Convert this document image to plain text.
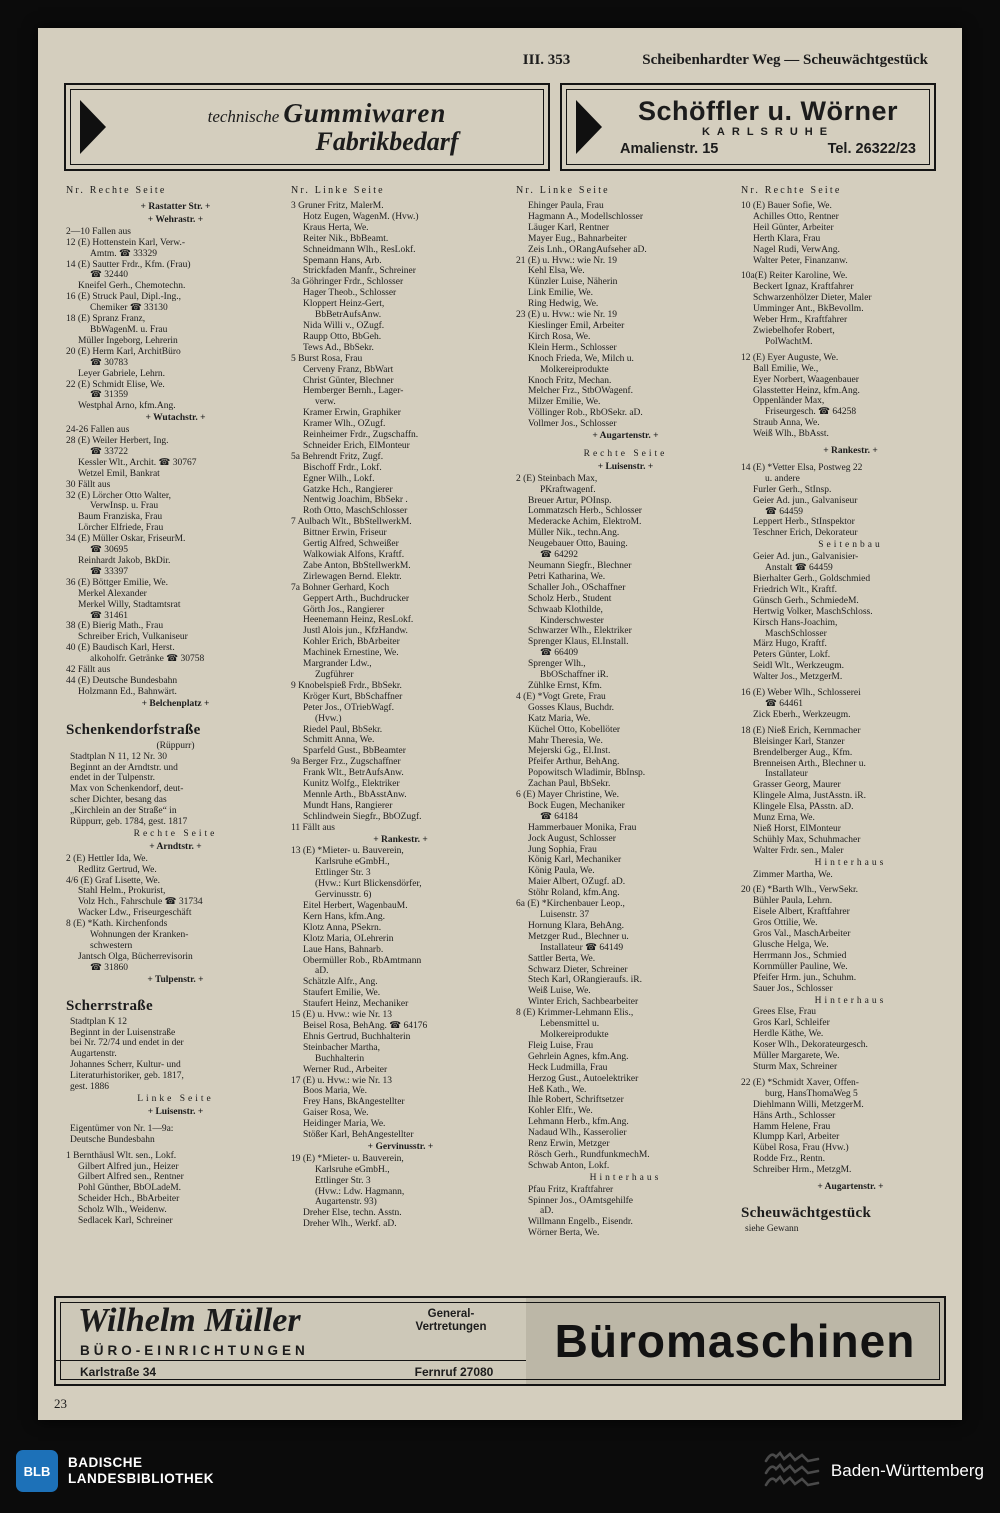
III. 353	Scheibenhardter Weg — Scheuwächtgestück
technische Gummiwaren
Fabrikbedarf
Schöffler u. Wörner
KARLSRUHE
Amalienstr. 15	Tel. 26322/23
Nr. Rechte Seite
+ Rastatter Str. +
+ Wehrastr. +
2—10 Fallen aus
12 (E) Hottenstein Karl, Verw.-
Amtm. ☎ 33329
14 (E) Sautter Frdr., Kfm. (Frau)
☎ 32440
Kneifel Gerh., Chemotechn.
16 (E) Struck Paul, Dipl.-Ing.,
Chemiker ☎ 33130
18 (E) Spranz Franz,
BbWagenM. u. Frau
Müller Ingeborg, Lehrerin
20 (E) Herm Karl, ArchitBüro
☎ 30783
Leyer Gabriele, Lehrn.
22 (E) Schmidt Elise, We.
☎ 31359
Westphal Arno, kfm.Ang.
+ Wutachstr. +
24-26 Fallen aus
28 (E) Weiler Herbert, Ing.
☎ 33722
Kessler Wlt., Archit. ☎ 30767
Wetzel Emil, Bankrat
30 Fällt aus
32 (E) Lörcher Otto Walter,
VerwInsp. u. Frau
Baum Franziska, Frau
Lörcher Elfriede, Frau
34 (E) Müller Oskar, FriseurM.
☎ 30695
Reinhardt Jakob, BkDir.
☎ 33397
36 (E) Böttger Emilie, We.
Merkel Alexander
Merkel Willy, Stadtamtsrat
☎ 31461
38 (E) Bierig Math., Frau
Schreiber Erich, Vulkaniseur
40 (E) Baudisch Karl, Herst.
alkoholfr. Getränke ☎ 30758
42 Fällt aus
44 (E) Deutsche Bundesbahn
Holzmann Ed., Bahnwärt.
+ Belchenplatz +
Schenkendorfstraße
(Rüppurr)
Stadtplan N 11, 12 Nr. 30
Beginnt an der Arndtstr. und
endet in der Tulpenstr.
Max von Schenkendorf, deut-
scher Dichter, besang das
„Kirchlein an der Straße“ in
Rüppurr, geb. 1784, gest. 1817
Rechte Seite
+ Arndtstr. +
2 (E) Hettler Ida, We.
Redlitz Gertrud, We.
4/6 (E) Graf Lisette, We.
Stahl Helm., Prokurist,
Volz Hch., Fahrschule ☎ 31734
Wacker Ldw., Friseurgeschäft
8 (E) *Kath. Kirchenfonds
Wohnungen der Kranken-
schwestern
Jantsch Olga, Bücherrevisorin
☎ 31860
+ Tulpenstr. +
Scherrstraße
Stadtplan K 12
Beginnt in der Luisenstraße
bei Nr. 72/74 und endet in der
Augartenstr.
Johannes Scherr, Kultur- und
Literaturhistoriker, geb. 1817,
gest. 1886
Linke Seite
+ Luisenstr. +
Eigentümer von Nr. 1—9a:
Deutsche Bundesbahn
1 Bernthäusl Wlt. sen., Lokf.
Gilbert Alfred jun., Heizer
Gilbert Alfred sen., Rentner
Pohl Günther, BbOLadeM.
Scheider Hch., BbArbeiter
Scholz Wlh., Weidenw.
Sedlacek Karl, Schreiner
Nr. Linke Seite
3 Gruner Fritz, MalerM.
Hotz Eugen, WagenM. (Hvw.)
Kraus Herta, We.
Reiter Nik., BbBeamt.
Schneidmann Wlh., ResLokf.
Spemann Hans, Arb.
Strickfaden Manfr., Schreiner
3a Göhringer Frdr., Schlosser
Hager Theob., Schlosser
Kloppert Heinz-Gert,
BbBetrAufsAnw.
Nida Willi v., OZugf.
Raupp Otto, BbGeh.
Tews Ad., BbSekr.
5 Burst Rosa, Frau
Cerveny Franz, BbWart
Christ Günter, Blechner
Hemberger Bernh., Lager-
verw.
Kramer Erwin, Graphiker
Kramer Wlh., OZugf.
Reinheimer Frdr., Zugschaffn.
Schneider Erich, ElMonteur
5a Behrendt Fritz, Zugf.
Bischoff Frdr., Lokf.
Egner Wilh., Lokf.
Gatzke Hch., Rangierer
Nentwig Joachim, BbSekr .
Roth Otto, MaschSchlosser
7 Aulbach Wlt., BbStellwerkM.
Bittner Erwin, Friseur
Gertig Alfred, Schweißer
Walkowiak Alfons, Kraftf.
Zabe Anton, BbStellwerkM.
Zirlewagen Bernd. Elektr.
7a Bohner Gerhard, Koch
Geppert Arth., Buchdrucker
Görth Jos., Rangierer
Heenemann Heinz, ResLokf.
Justl Alois jun., KfzHandw.
Kohler Erich, BbArbeiter
Machinek Ernestine, We.
Margrander Ldw.,
Zugführer
9 Knobelspieß Frdr., BbSekr.
Kröger Kurt, BbSchaffner
Peter Jos., OTriebWagf.
(Hvw.)
Riedel Paul, BbSekr.
Schmitt Anna, We.
Sparfeld Gust., BbBeamter
9a Berger Frz., Zugschaffner
Frank Wlt., BetrAufsAnw.
Kunitz Wolfg., Elektriker
Mennle Arth., BbAsstAnw.
Mundt Hans, Rangierer
Schlindwein Siegfr., BbOZugf.
11 Fällt aus
+ Rankestr. +
13 (E) *Mieter- u. Bauverein,
Karlsruhe eGmbH.,
Ettlinger Str. 3
(Hvw.: Kurt Blickensdörfer,
Gervinusstr. 6)
Eitel Herbert, WagenbauM.
Kern Hans, kfm.Ang.
Klotz Anna, PSekrn.
Klotz Maria, OLehrerin
Laue Hans, Bahnarb.
Obermüller Rob., RbAmtmann
aD.
Schätzle Alfr., Ang.
Staufert Emilie, We.
Staufert Heinz, Mechaniker
15 (E) u. Hvw.: wie Nr. 13
Beisel Rosa, BehAng. ☎ 64176
Ehnis Gertrud, Buchhalterin
Steinbacher Martha,
Buchhalterin
Werner Rud., Arbeiter
17 (E) u. Hvw.: wie Nr. 13
Boos Maria, We.
Frey Hans, BkAngestellter
Gaiser Rosa, We.
Heidinger Maria, We.
Stößer Karl, BehAngestellter
+ Gervinusstr. +
19 (E) *Mieter- u. Bauverein,
Karlsruhe eGmbH.,
Ettlinger Str. 3
(Hvw.: Ldw. Hagmann,
Augartenstr. 93)
Dreher Else, techn. Asstn.
Dreher Wlh., Werkf. aD.
Nr. Linke Seite
Ehinger Paula, Frau
Hagmann A., Modellschlosser
Läuger Karl, Rentner
Mayer Eug., Bahnarbeiter
Zeis Lnh., ORangAufseher aD.
21 (E) u. Hvw.: wie Nr. 19
Kehl Elsa, We.
Künzler Luise, Näherin
Link Emilie, We.
Ring Hedwig, We.
23 (E) u. Hvw.: wie Nr. 19
Kieslinger Emil, Arbeiter
Kirch Rosa, We.
Klein Herm., Schlosser
Knoch Frieda, We, Milch u.
Molkereiprodukte
Knoch Fritz, Mechan.
Melcher Frz., StbOWagenf.
Milzer Emilie, We.
Völlinger Rob., RbOSekr. aD.
Vollmer Jos., Schlosser
+ Augartenstr. +
Rechte Seite
+ Luisenstr. +
2 (E) Steinbach Max,
PKraftwagenf.
Breuer Artur, POInsp.
Lommatzsch Herb., Schlosser
Mederacke Achim, ElektroM.
Müller Nik., techn.Ang.
Neugebauer Otto, Bauing.
☎ 64292
Neumann Siegfr., Blechner
Petri Katharina, We.
Schaller Joh., OSchaffner
Scholz Herb., Student
Schwaab Klothilde,
Kinderschwester
Schwarzer Wlh., Elektriker
Sprenger Klaus, El.Install.
☎ 66409
Sprenger Wlh.,
BbOSchaffner iR.
Zühlke Ernst, Kfm.
4 (E) *Vogt Grete, Frau
Gosses Klaus, Buchdr.
Katz Maria, We.
Küchel Otto, Kobellöter
Mahr Theresia, We.
Mejerski Gg., El.Inst.
Pfeifer Arthur, BehAng.
Popowitsch Wladimir, BbInsp.
Zachan Paul, BbSekr.
6 (E) Mayer Christine, We.
Bock Eugen, Mechaniker
☎ 64184
Hammerbauer Monika, Frau
Jock August, Schlosser
Jung Sophia, Frau
König Karl, Mechaniker
König Paula, We.
Maier Albert, OZugf. aD.
Stöhr Roland, kfm.Ang.
6a (E) *Kirchenbauer Leop.,
Luisenstr. 37
Hornung Klara, BehAng.
Metzger Rud., Blechner u.
Installateur ☎ 64149
Sattler Berta, We.
Schwarz Dieter, Schreiner
Stech Karl, ORangieraufs. iR.
Weiß Luise, We.
Winter Erich, Sachbearbeiter
8 (E) Krimmer-Lehmann Elis.,
Lebensmittel u.
Molkereiprodukte
Fleig Luise, Frau
Gehrlein Agnes, kfm.Ang.
Heck Ludmilla, Frau
Herzog Gust., Autoelektriker
Heß Kath., We.
Ihle Robert, Schriftsetzer
Kohler Elfr., We.
Lehmann Herb., kfm.Ang.
Nadaud Wlh., Kasserolier
Renz Erwin, Metzger
Rösch Gerh., RundfunkmechM.
Schwab Anton, Lokf.
Hinterhaus
Pfau Fritz, Kraftfahrer
Spinner Jos., OAmtsgehilfe
aD.
Willmann Engelb., Eisendr.
Wörner Berta, We.
Nr. Rechte Seite
10 (E) Bauer Sofie, We.
Achilles Otto, Rentner
Heil Günter, Arbeiter
Herth Klara, Frau
Nagel Rudi, VerwAng.
Walter Peter, Finanzanw.
10a(E) Reiter Karoline, We.
Beckert Ignaz, Kraftfahrer
Schwarzenhölzer Dieter, Maler
Umminger Ant., BkBevollm.
Weber Hrm., Kraftfahrer
Zwiebelhofer Robert,
PolWachtM.
12 (E) Eyer Auguste, We.
Ball Emilie, We.,
Eyer Norbert, Waagenbauer
Glasstetter Heinz, kfm.Ang.
Oppenländer Max,
Friseurgesch. ☎ 64258
Straub Anna, We.
Weiß Wlh., BbAsst.
+ Rankestr. +
14 (E) *Vetter Elsa, Postweg 22
u. andere
Furler Gerh., StInsp.
Geier Ad. jun., Galvaniseur
☎ 64459
Leppert Herb., StInspektor
Teschner Erich, Dekorateur
Seitenbau
Geier Ad. jun., Galvanisier-
Anstalt ☎ 64459
Bierhalter Gerh., Goldschmied
Friedrich Wlt., Kraftf.
Günsch Gerh., SchmiedeM.
Hertwig Volker, MaschSchloss.
Kirsch Hans-Joachim,
MaschSchlosser
März Hugo, Kraftf.
Peters Günter, Lokf.
Seidl Wlt., Werkzeugm.
Walter Jos., MetzgerM.
16 (E) Weber Wlh., Schlosserei
☎ 64461
Zick Eberh., Werkzeugm.
18 (E) Nieß Erich, Kernmacher
Bleisinger Karl, Stanzer
Brendelberger Aug., Kfm.
Brenneisen Arth., Blechner u.
Installateur
Grasser Georg, Maurer
Klingele Alma, JustAsstn. iR.
Klingele Elsa, PAsstn. aD.
Munz Erna, We.
Nieß Horst, ElMonteur
Schühly Max, Schuhmacher
Walter Frdr. sen., Maler
Hinterhaus
Zimmer Martha, We.
20 (E) *Barth Wlh., VerwSekr.
Bühler Paula, Lehrn.
Eisele Albert, Kraftfahrer
Gros Ottilie, We.
Gros Val., MaschArbeiter
Glusche Helga, We.
Herrmann Jos., Schmied
Kornmüller Pauline, We.
Pfeifer Hrm. jun., Schuhm.
Sauer Jos., Schlosser
Hinterhaus
Grees Else, Frau
Gros Karl, Schleifer
Herdle Käthe, We.
Koser Wlh., Dekorateurgesch.
Müller Margarete, We.
Sturm Max, Schreiner
22 (E) *Schmidt Xaver, Offen-
burg, HansThomaWeg 5
Diehlmann Willi, MetzgerM.
Häns Arth., Schlosser
Hamm Helene, Frau
Klumpp Karl, Arbeiter
Kübel Rosa, Frau (Hvw.)
Rodde Frz., Rentn.
Schreiber Hrm., MetzgM.
+ Augartenstr. +
Scheuwächtgestück
siehe Gewann
Wilhelm Müller
BÜRO-EINRICHTUNGEN
General-
Vertretungen	Büromaschinen
Karlstraße 34	Fernruf 27080
23
BLB
BADISCHE
LANDESBIBLIOTHEK	Baden-Württemberg
